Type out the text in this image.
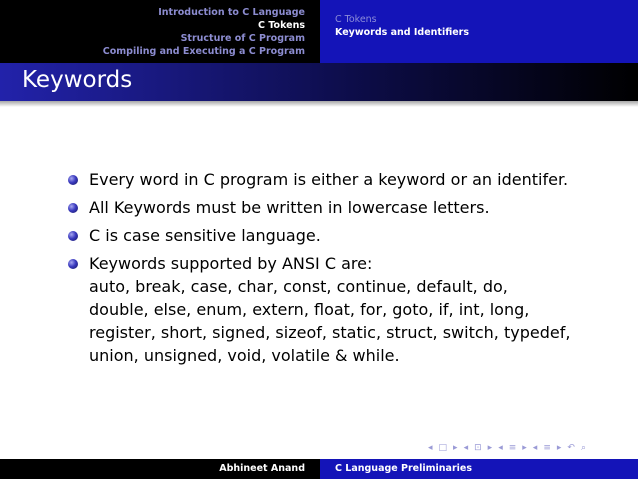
Introduction to C Language
C Tokens
Structure of C Program
Compiling and Executing a C Program
C Tokens
Keywords and Identifiers
Keywords
Every word in C program is either a keyword or an identifer.
All Keywords must be written in lowercase letters.
C is case sensitive language.
Keywords supported by ANSI C are:
auto, break, case, char, const, continue, default, do,
double, else, enum, extern, float, for, goto, if, int, long,
register, short, signed, sizeof, static, struct, switch, typedef,
union, unsigned, void, volatile & while.
◂ □ ▸ ◂ ⊡ ▸ ◂ ≡ ▸ ◂ ≡ ▸ ↶ ⌕
Abhineet Anand	C Language Preliminaries
